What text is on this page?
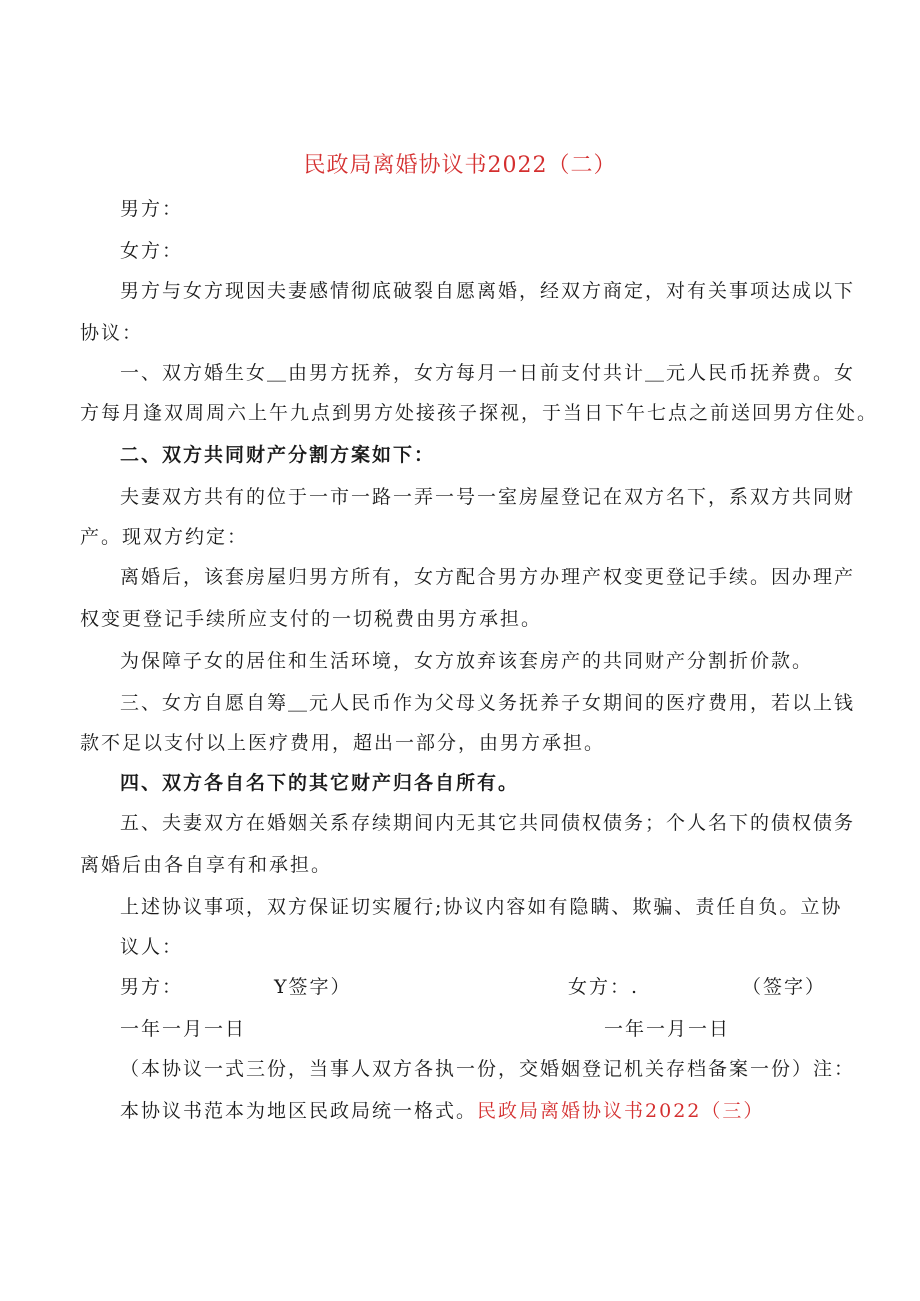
民政局离婚协议书2022（二）
男方：
女方：
男方与女方现因夫妻感情彻底破裂自愿离婚，经双方商定，对有关事项达成以下
协议：
一、双方婚生女＿由男方抚养，女方每月一日前支付共计＿元人民币抚养费。女
方每月逢双周周六上午九点到男方处接孩子探视，于当日下午七点之前送回男方住处。
二、双方共同财产分割方案如下：
夫妻双方共有的位于一市一路一弄一号一室房屋登记在双方名下，系双方共同财
产。现双方约定：
离婚后，该套房屋归男方所有，女方配合男方办理产权变更登记手续。因办理产
权变更登记手续所应支付的一切税费由男方承担。
为保障子女的居住和生活环境，女方放弃该套房产的共同财产分割折价款。
三、女方自愿自筹＿元人民币作为父母义务抚养子女期间的医疗费用，若以上钱
款不足以支付以上医疗费用，超出一部分，由男方承担。
四、双方各自名下的其它财产归各自所有。
五、夫妻双方在婚姻关系存续期间内无其它共同债权债务；个人名下的债权债务
离婚后由各自享有和承担。
上述协议事项，双方保证切实履行;协议内容如有隐瞒、欺骗、责任自负。立协
议人：
男方：	Y签字）	女方：.	（签字）
一年一月一日	一年一月一日
（本协议一式三份，当事人双方各执一份，交婚姻登记机关存档备案一份）注：
本协议书范本为地区民政局统一格式。民政局离婚协议书2022（三）
